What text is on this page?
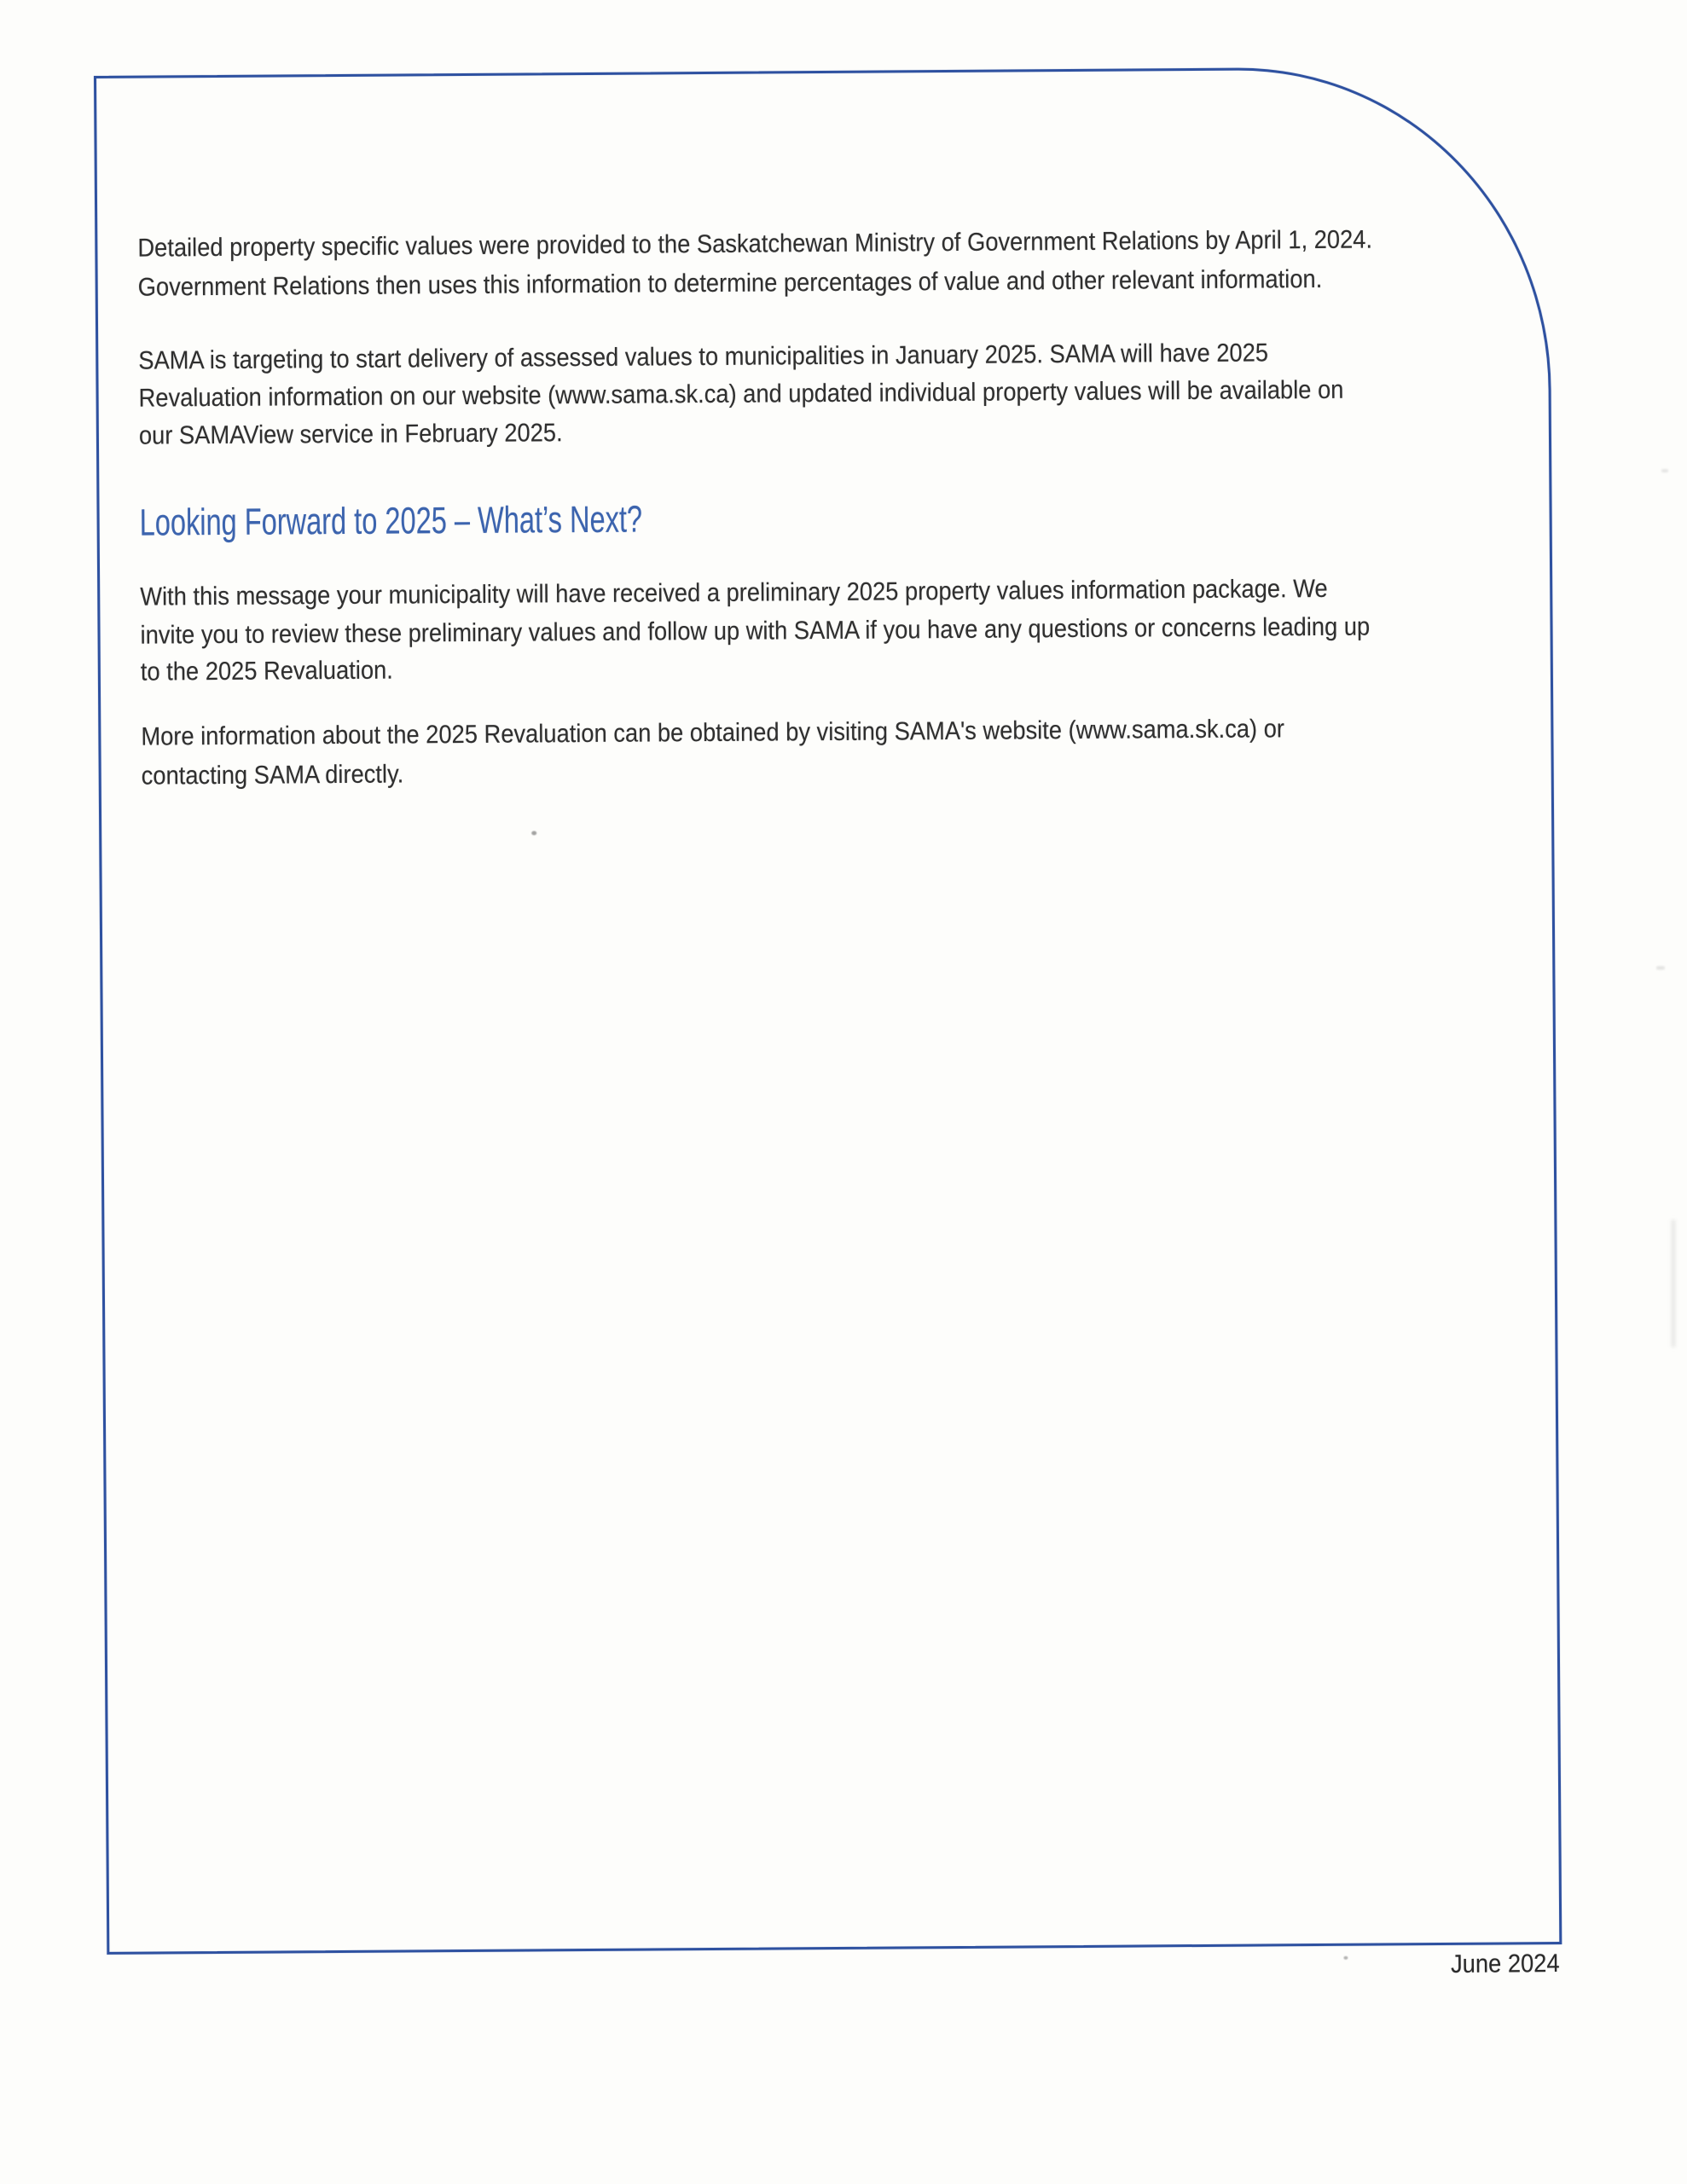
Detailed property specific values were provided to the Saskatchewan Ministry of Government Relations by April 1, 2024.
Government Relations then uses this information to determine percentages of value and other relevant information.
SAMA is targeting to start delivery of assessed values to municipalities in January 2025. SAMA will have 2025
Revaluation information on our website (www.sama.sk.ca) and updated individual property values will be available on
our SAMAView service in February 2025.
Looking Forward to 2025 – What’s Next?
With this message your municipality will have received a preliminary 2025 property values information package. We
invite you to review these preliminary values and follow up with SAMA if you have any questions or concerns leading up
to the 2025 Revaluation.
More information about the 2025 Revaluation can be obtained by visiting SAMA's website (www.sama.sk.ca) or
contacting SAMA directly.
June 2024
